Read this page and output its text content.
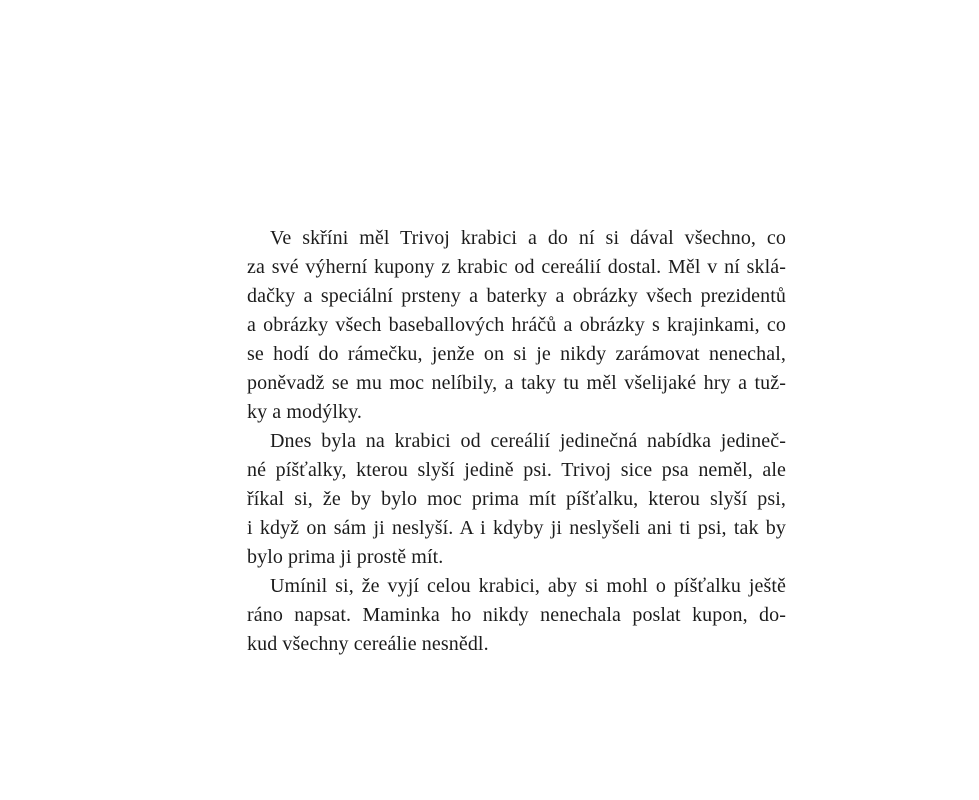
Ve skříni měl Trivoj krabici a do ní si dával všechno, co
za své výherní kupony z krabic od cereálií dostal. Měl v ní sklá-
dačky a speciální prsteny a baterky a obrázky všech prezidentů
a obrázky všech baseballových hráčů a obrázky s krajinkami, co
se hodí do rámečku, jenže on si je nikdy zarámovat nenechal,
poněvadž se mu moc nelíbily, a taky tu měl všelijaké hry a tuž-
ky a modýlky.
Dnes byla na krabici od cereálií jedinečná nabídka jedineč-
né píšťalky, kterou slyší jedině psi. Trivoj sice psa neměl, ale
říkal si, že by bylo moc prima mít píšťalku, kterou slyší psi,
i když on sám ji neslyší. A i kdyby ji neslyšeli ani ti psi, tak by
bylo prima ji prostě mít.
Umínil si, že vyjí celou krabici, aby si mohl o píšťalku ještě
ráno napsat. Maminka ho nikdy nenechala poslat kupon, do-
kud všechny cereálie nesnědl.
